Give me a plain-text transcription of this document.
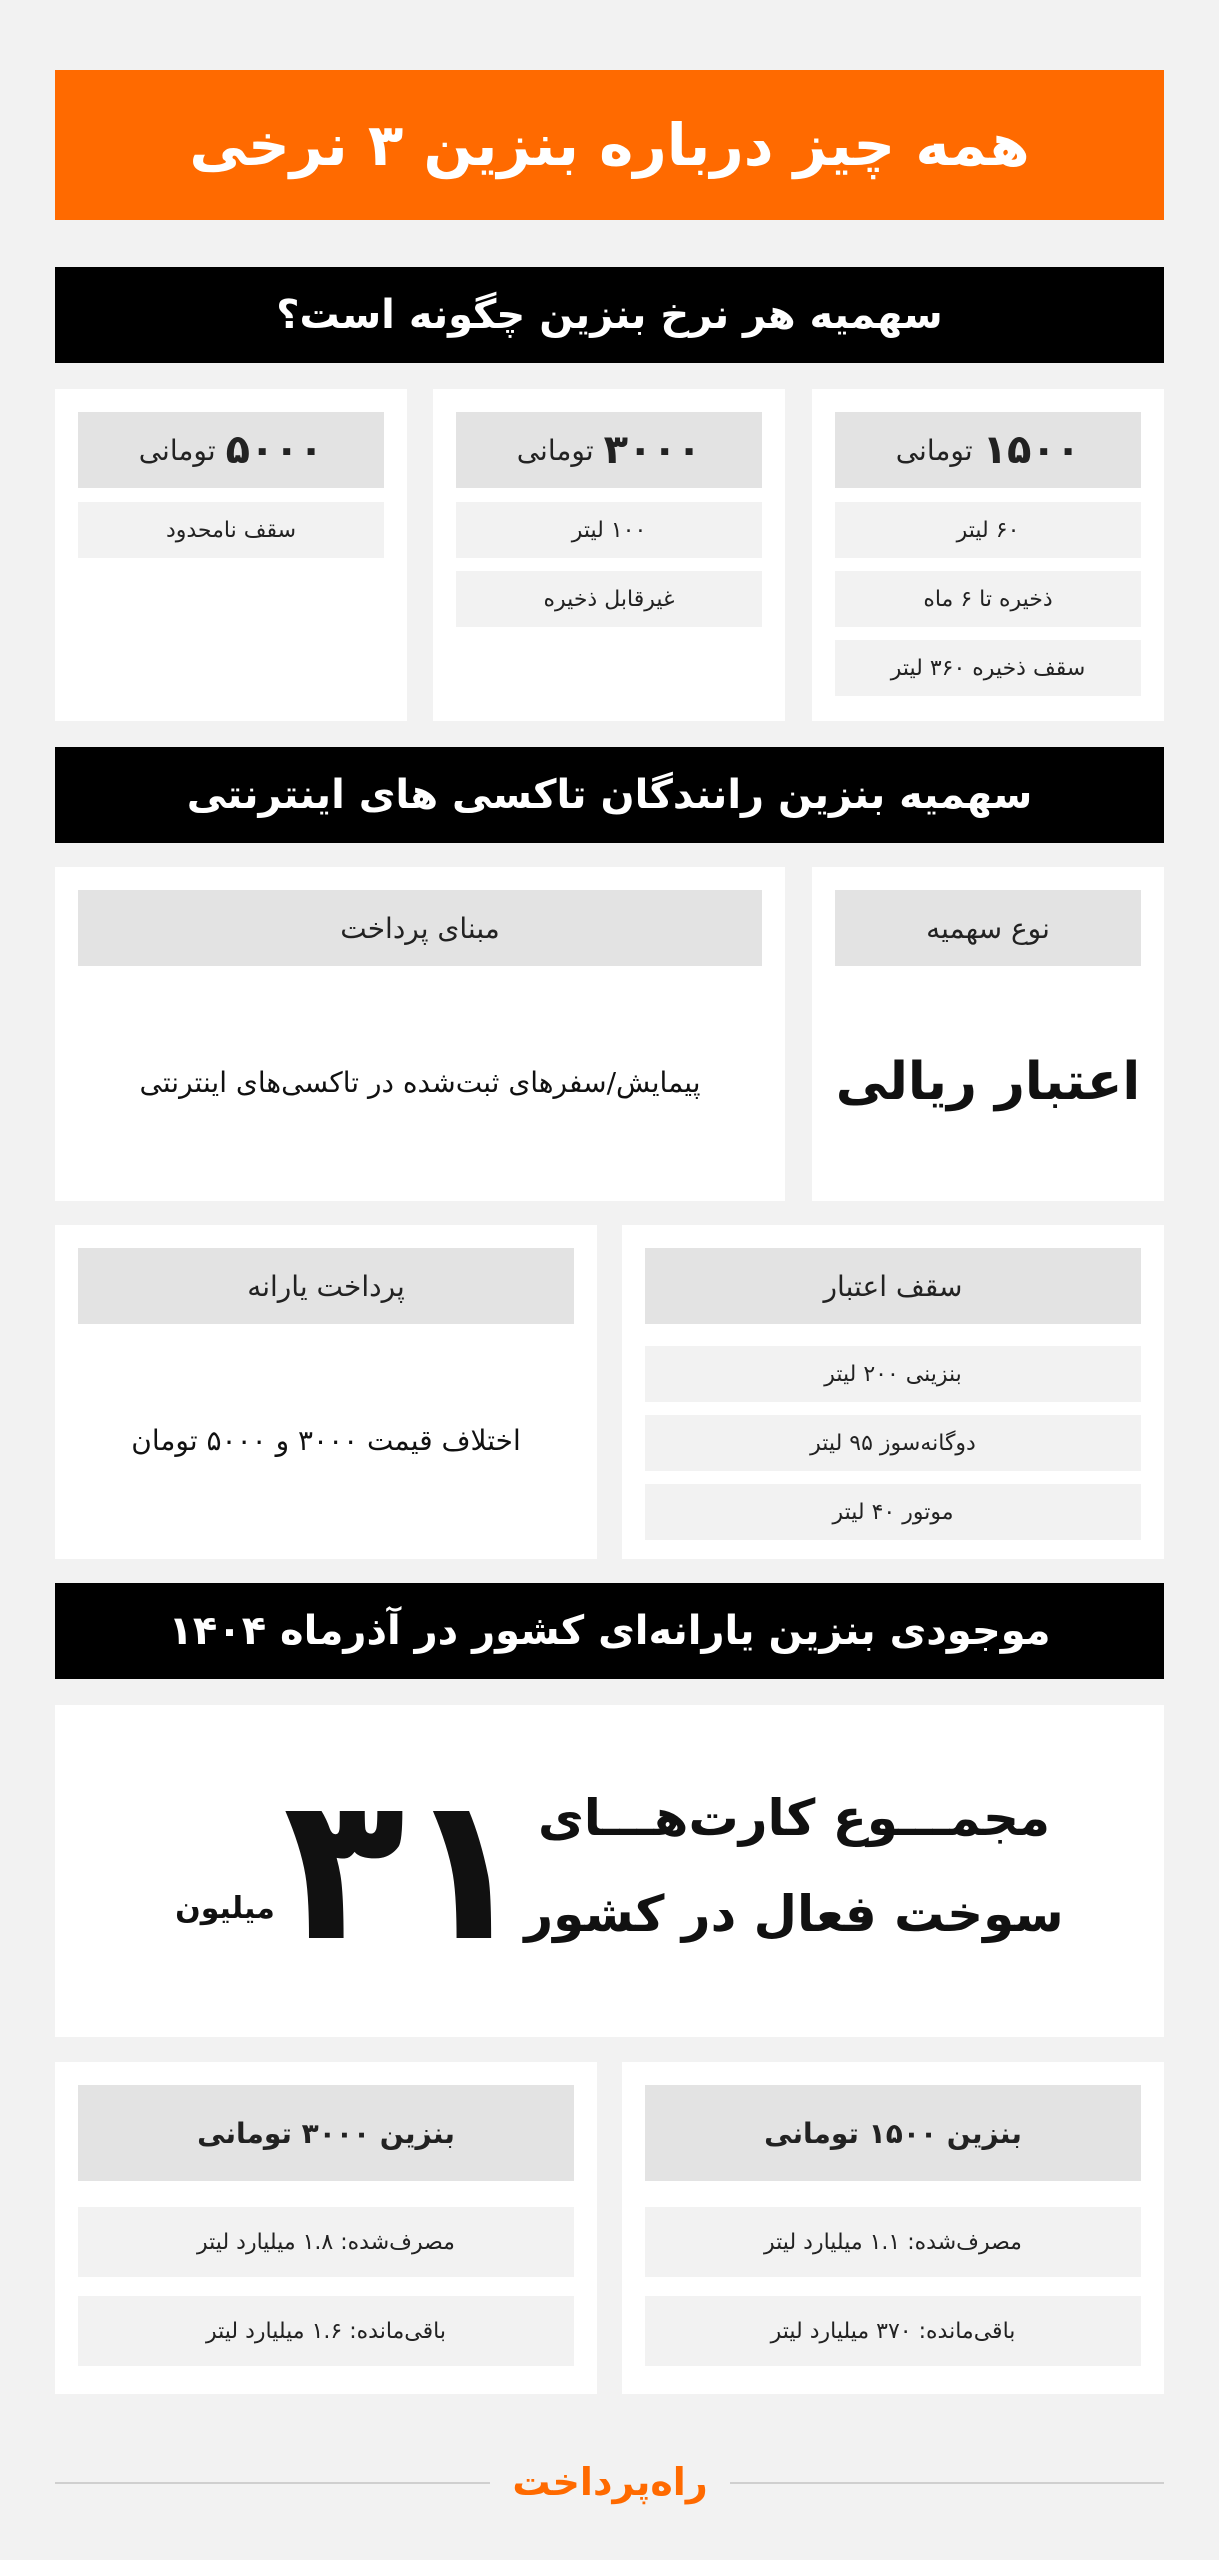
همه چیز درباره بنزین ۳ نرخی
سهمیه هر نرخ بنزین چگونه است؟
۱۵۰۰
تومانی
۶۰ لیتر
ذخیره تا ۶ ماه
سقف ذخیره ۳۶۰ لیتر
۳۰۰۰
تومانی
۱۰۰ لیتر
غیرقابل ذخیره
۵۰۰۰
تومانی
سقف نامحدود
سهمیه بنزین رانندگان تاکسی های اینترنتی
نوع سهمیه
اعتبار ریالی
مبنای پرداخت
پیمایش/سفرهای ثبت‌شده در تاکسی‌های اینترنتی
سقف اعتبار
بنزینی ۲۰۰ لیتر
دوگانه‌سوز ۹۵ لیتر
موتور ۴۰ لیتر
پرداخت یارانه
اختلاف قیمت ۳۰۰۰ و ۵۰۰۰ تومان
موجودی بنزین یارانه‌ای کشور در آذرماه ۱۴۰۴
مجمـــوع کارت‌هـــای
سوخت فعال در کشور
۳۱
میلیون
بنزین ۱۵۰۰ تومانی
مصرف‌شده: ۱.۱ میلیارد لیتر
باقی‌مانده: ۳۷۰ میلیارد لیتر
بنزین ۳۰۰۰ تومانی
مصرف‌شده: ۱.۸ میلیارد لیتر
باقی‌مانده: ۱.۶ میلیارد لیتر
راه‌پرداخت
